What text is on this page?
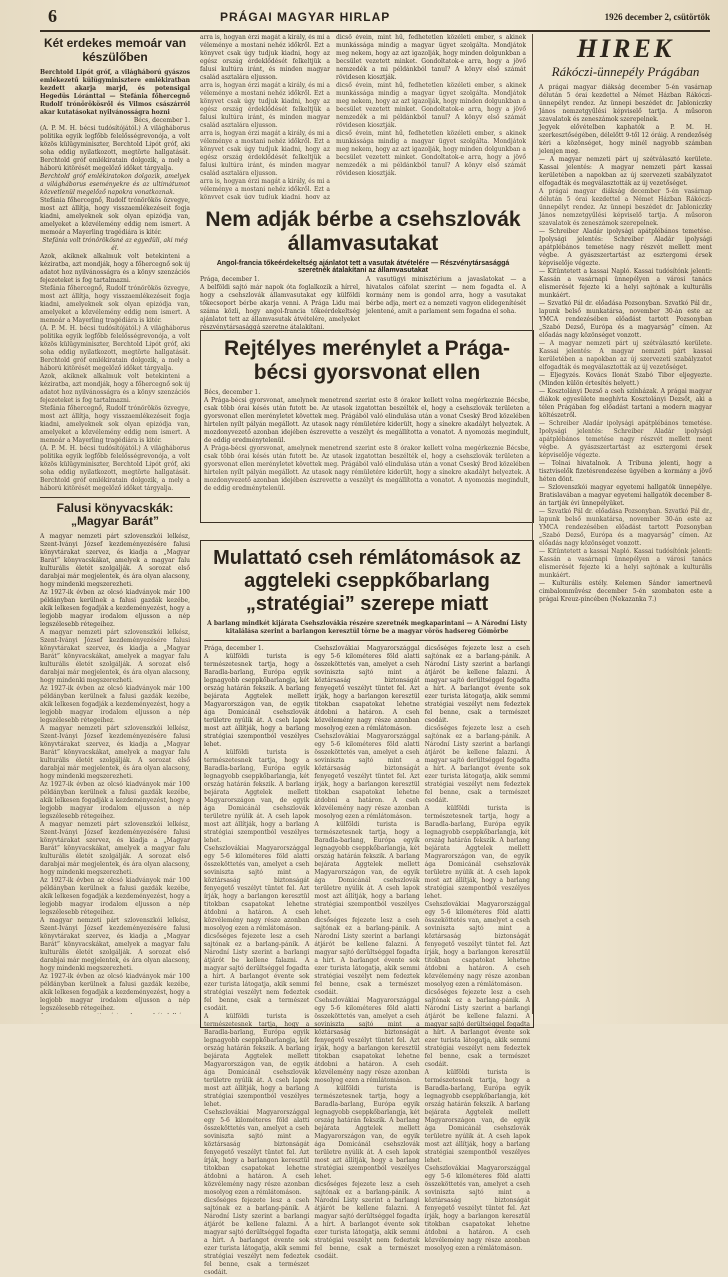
6	PRÁGAI MAGYAR HIRLAP	1926 december 2, csütörtök
Két erdekes memoár van készülőben

Berchtold Lipót gróf, a világháború gyászos emlékezetű külügyminisztere emlékiratban kezdett akarja marjd, és potensigal Hegedüs Lóránttal — Stefánia főhercegnő Rudolf trónörökösről és Vilmos császárról akar kutatásokat nyilvánosságra hozni

Bécs, december 1.

(A. P. M. H. bécsi tudósítójától.) A világháborus politika egyik legfőbb felelősségrevonója, a volt közös külügyminiszter, Berchtold Lipót gróf, aki soha eddig nyilatkozott, megtörte hallgatását. Berchtold gróf emlékiratain dolgozik, a mely a háború kitörését megelőző időket tárgyalja.

Berchtold gróf emlékiratokon dolgozik, amelyek a világháborus eseményekre és az ultimátumot közvetlenül megelőző napokra vonatkoznak.

Stefánia főhercegnő, Rudolf trónörökös özvegye, most azt állítja, hogy visszaemlékezéseit fogja kiadni, amelyeknek sok olyan epizódja van, amelyeket a közvélemény eddig nem ismert. A memoár a Mayerling tragédiára is kitér.

Stefánia volt trónörökösné az egyedüli, aki még él.

Azok, akiknek alkalmuk volt betekinteni a kéziratba, azt mondják, hogy a főhercegnő sok új adatot hoz nyilvánosságra és a könyv szenzációs fejezeteket is fog tartalmazni.

Stefánia főhercegnő, Rudolf trónörökös özvegye, most azt állítja, hogy visszaemlékezéseit fogja kiadni, amelyeknek sok olyan epizódja van, amelyeket a közvélemény eddig nem ismert. A memoár a Mayerling tragédiára is kitér.

(A. P. M. H. bécsi tudósítójától.) A világháborus politika egyik legfőbb felelősségrevonója, a volt közös külügyminiszter, Berchtold Lipót gróf, aki soha eddig nyilatkozott, megtörte hallgatását. Berchtold gróf emlékiratain dolgozik, a mely a háború kitörését megelőző időket tárgyalja.

Azok, akiknek alkalmuk volt betekinteni a kéziratba, azt mondják, hogy a főhercegnő sok új adatot hoz nyilvánosságra és a könyv szenzációs fejezeteket is fog tartalmazni.

Stefánia főhercegnő, Rudolf trónörökös özvegye, most azt állítja, hogy visszaemlékezéseit fogja kiadni, amelyeknek sok olyan epizódja van, amelyeket a közvélemény eddig nem ismert. A memoár a Mayerling tragédiára is kitér.

(A. P. M. H. bécsi tudósítójától.) A világháborus politika egyik legfőbb felelősségrevonója, a volt közös külügyminiszter, Berchtold Lipót gróf, aki soha eddig nyilatkozott, megtörte hallgatását. Berchtold gróf emlékiratain dolgozik, a mely a háború kitörését megelőző időket tárgyalja.

Falusi könyvacskák: „Magyar Barát”

A magyar nemzeti párt szlovenszkói lelkész, Szent-Iványi József kezdeményezésére falusi könyvtárakat szervez, és kiadja a „Magyar Barát” könyvacskákat, amelyek a magyar falu kulturális életét szolgálják. A sorozat első darabjai már megjelentek, és ára olyan alacsony, hogy mindenki megszerezheti.

Az 1927-ik évben az olcsó kiadványok már 100 példányban kerülnek a falusi gazdák kezébe, akik lelkesen fogadják a kezdeményezést, hogy a legjobb magyar irodalom eljusson a nép legszélesebb rétegeihez.

A magyar nemzeti párt szlovenszkói lelkész, Szent-Iványi József kezdeményezésére falusi könyvtárakat szervez, és kiadja a „Magyar Barát” könyvacskákat, amelyek a magyar falu kulturális életét szolgálják. A sorozat első darabjai már megjelentek, és ára olyan alacsony, hogy mindenki megszerezheti.

Az 1927-ik évben az olcsó kiadványok már 100 példányban kerülnek a falusi gazdák kezébe, akik lelkesen fogadják a kezdeményezést, hogy a legjobb magyar irodalom eljusson a nép legszélesebb rétegeihez.

A magyar nemzeti párt szlovenszkói lelkész, Szent-Iványi József kezdeményezésére falusi könyvtárakat szervez, és kiadja a „Magyar Barát” könyvacskákat, amelyek a magyar falu kulturális életét szolgálják. A sorozat első darabjai már megjelentek, és ára olyan alacsony, hogy mindenki megszerezheti.

Az 1927-ik évben az olcsó kiadványok már 100 példányban kerülnek a falusi gazdák kezébe, akik lelkesen fogadják a kezdeményezést, hogy a legjobb magyar irodalom eljusson a nép legszélesebb rétegeihez.

A magyar nemzeti párt szlovenszkói lelkész, Szent-Iványi József kezdeményezésére falusi könyvtárakat szervez, és kiadja a „Magyar Barát” könyvacskákat, amelyek a magyar falu kulturális életét szolgálják. A sorozat első darabjai már megjelentek, és ára olyan alacsony, hogy mindenki megszerezheti.

Az 1927-ik évben az olcsó kiadványok már 100 példányban kerülnek a falusi gazdák kezébe, akik lelkesen fogadják a kezdeményezést, hogy a legjobb magyar irodalom eljusson a nép legszélesebb rétegeihez.

A magyar nemzeti párt szlovenszkói lelkész, Szent-Iványi József kezdeményezésére falusi könyvtárakat szervez, és kiadja a „Magyar Barát” könyvacskákat, amelyek a magyar falu kulturális életét szolgálják. A sorozat első darabjai már megjelentek, és ára olyan alacsony, hogy mindenki megszerezheti.

Az 1927-ik évben az olcsó kiadványok már 100 példányban kerülnek a falusi gazdák kezébe, akik lelkesen fogadják a kezdeményezést, hogy a legjobb magyar irodalom eljusson a nép legszélesebb rétegeihez.

arra is, hogyan érzi magát a király, és mi a véleménye a mostani nehéz időkről. Ezt a könyvet csak úgy tudjuk kiadni, hogy az egész ország érdeklődését felkeltjük a falusi kultúra iránt, és minden magyar család asztalára eljusson.

arra is, hogyan érzi magát a király, és mi a véleménye a mostani nehéz időkről. Ezt a könyvet csak úgy tudjuk kiadni, hogy az egész ország érdeklődését felkeltjük a falusi kultúra iránt, és minden magyar család asztalára eljusson.

arra is, hogyan érzi magát a király, és mi a véleménye a mostani nehéz időkről. Ezt a könyvet csak úgy tudjuk kiadni, hogy az egész ország érdeklődését felkeltjük a falusi kultúra iránt, és minden magyar család asztalára eljusson.

arra is, hogyan érzi magát a király, és mi a véleménye a mostani nehéz időkről. Ezt a könyvet csak úgy tudjuk kiadni, hogy az

dicső évein, mint hű, fedhetetlen közéleti ember, s akinek munkássága mindig a magyar ügyet szolgálta. Mondjátok meg nekem, hogy az azt igazolják, hogy minden dolgunkban a becsület vezetett minket. Gondoltatok-e arra, hogy a jövő nemzedék a mi példánkból tanul? A könyv első számát rövidesen kiosztják.

dicső évein, mint hű, fedhetetlen közéleti ember, s akinek munkássága mindig a magyar ügyet szolgálta. Mondjátok meg nekem, hogy az azt igazolják, hogy minden dolgunkban a becsület vezetett minket. Gondoltatok-e arra, hogy a jövő nemzedék a mi példánkból tanul? A könyv első számát rövidesen kiosztják.

dicső évein, mint hű, fedhetetlen közéleti ember, s akinek munkássága mindig a magyar ügyet szolgálta. Mondjátok meg nekem, hogy az azt igazolják, hogy minden dolgunkban a becsület vezetett minket. Gondoltatok-e arra, hogy a jövő nemzedék a mi példánkból tanul? A könyv első számát rövidesen kiosztják.

Nem adják bérbe a csehszlovák államvasutakat
Angol-francia tőkeérdekeltség ajánlatot tett a vasutak átvételére — Részvénytársasággá szeretnék átalakítani az államvasutakat

Prága, december 1.

A belföldi sajtó már napok óta foglalkozik a hírrel, hogy a csehszlovák államvasutakat egy külföldi tőkecsoport bérbe akarja venni. A Prága Lidu mai száma közli, hogy angol-francia tőkeérdekeltség ajánlatot tett az államvasutak átvételére, amelyeket részvénytársasággá szeretne átalakítani.

A vasutügyi minisztérium a javaslatokat — a hivatalos cáfolat szerint — nem fogadta el. A kormány nem is gondol arra, hogy a vasutakat bérbe adja, mert ez a nemzeti vagyon elidegenítését jelentené, amit a parlament sem fogadna el soha.

Rejtélyes merénylet a Prága-bécsi gyorsvonat ellen

Bécs, december 1.

A Prága-bécsi gyorsvonat, amelynek menetrend szerint este 8 órakor kellett volna megérkeznie Bécsbe, csak több órai késés után futott be. Az utasok izgatottan beszélték el, hogy a csehszlovák területen a gyorsvonat ellen merényletet követtek meg. Prágából való elindulása után a vonat Cseský Brod közelében hirtelen nyílt pályán megállott. Az utasok nagy rémületére kiderült, hogy a sínekre akadályt helyeztek. A mozdonyvezető azonban idejében észrevette a veszélyt és megállította a vonatot. A nyomozás megindult, de eddig eredménytelenül.

A Prága-bécsi gyorsvonat, amelynek menetrend szerint este 8 órakor kellett volna megérkeznie Bécsbe, csak több órai késés után futott be. Az utasok izgatottan beszélték el, hogy a csehszlovák területen a gyorsvonat ellen merényletet követtek meg. Prágából való elindulása után a vonat Cseský Brod közelében hirtelen nyílt pályán megállott. Az utasok nagy rémületére kiderült, hogy a sínekre akadályt helyeztek. A mozdonyvezető azonban idejében észrevette a veszélyt és megállította a vonatot. A nyomozás megindult, de eddig eredménytelenül.

Mulattató cseh rémlátomások az aggteleki cseppkőbarlang „stratégiai” szerepe miatt

A barlang mindkét kijárata Csehszlovákia részére szeretnék megkaparintani — A Národní Listy kitalálása szerint a barlangon keresztül törne be a magyar vörös hadsereg Gömörbe

Prága, december 1.

A külföldi turista is természetesnek tartja, hogy a Baradla-barlang, Európa egyik legnagyobb cseppkőbarlangja, két ország határán fekszik. A barlang bejárata Aggtelek mellett Magyarországon van, de egyik ága Domicánál csehszlovák területre nyúlik át. A cseh lapok most azt állítják, hogy a barlang stratégiai szempontból veszélyes lehet.

A külföldi turista is természetesnek tartja, hogy a Baradla-barlang, Európa egyik legnagyobb cseppkőbarlangja, két ország határán fekszik. A barlang bejárata Aggtelek mellett Magyarországon van, de egyik ága Domicánál csehszlovák területre nyúlik át. A cseh lapok most azt állítják, hogy a barlang stratégiai szempontból veszélyes lehet.

Csehszlovákiai Magyarországgal egy 5-6 kilométeres föld alatti összeköttetés van, amelyet a cseh soviniszta sajtó mint a köztársaság biztonságát fenyegető veszélyt tüntet fel. Azt írják, hogy a barlangon keresztül titokban csapatokat lehetne átdobni a határon. A cseh közvélemény nagy része azonban mosolyog ezen a rémlátomáson.

dicsőséges fejezete lesz a cseh sajtónak ez a barlang-pánik. A Národní Listy szerint a barlangi átjárót be kellene falazni. A magyar sajtó derültséggel fogadta a hírt. A barlangot évente sok ezer turista látogatja, akik semmi stratégiai veszélyt nem fedeztek fel benne, csak a természet csodáit.

A külföldi turista is természetesnek tartja, hogy a Baradla-barlang, Európa egyik legnagyobb cseppkőbarlangja, két ország határán fekszik. A barlang bejárata Aggtelek mellett Magyarországon van, de egyik ága Domicánál csehszlovák területre nyúlik át. A cseh lapok most azt állítják, hogy a barlang stratégiai szempontból veszélyes lehet.

Csehszlovákiai Magyarországgal egy 5-6 kilométeres föld alatti összeköttetés van, amelyet a cseh soviniszta sajtó mint a köztársaság biztonságát fenyegető veszélyt tüntet fel. Azt írják, hogy a barlangon keresztül titokban csapatokat lehetne átdobni a határon. A cseh közvélemény nagy része azonban mosolyog ezen a rémlátomáson.

dicsőséges fejezete lesz a cseh sajtónak ez a barlang-pánik. A Národní Listy szerint a barlangi átjárót be kellene falazni. A magyar sajtó derültséggel fogadta a hírt. A barlangot évente sok ezer turista látogatja, akik semmi stratégiai veszélyt nem fedeztek fel benne, csak a természet csodáit.

Csehszlovákiai Magyarországgal egy 5-6 kilométeres föld alatti összeköttetés van, amelyet a cseh soviniszta sajtó mint a köztársaság biztonságát fenyegető veszélyt tüntet fel. Azt írják, hogy a barlangon keresztül titokban csapatokat lehetne átdobni a határon. A cseh közvélemény nagy része azonban mosolyog ezen a rémlátomáson.

Csehszlovákiai Magyarországgal egy 5-6 kilométeres föld alatti összeköttetés van, amelyet a cseh soviniszta sajtó mint a köztársaság biztonságát fenyegető veszélyt tüntet fel. Azt írják, hogy a barlangon keresztül titokban csapatokat lehetne átdobni a határon. A cseh közvélemény nagy része azonban mosolyog ezen a rémlátomáson.

A külföldi turista is természetesnek tartja, hogy a Baradla-barlang, Európa egyik legnagyobb cseppkőbarlangja, két ország határán fekszik. A barlang bejárata Aggtelek mellett Magyarországon van, de egyik ága Domicánál csehszlovák területre nyúlik át. A cseh lapok most azt állítják, hogy a barlang stratégiai szempontból veszélyes lehet.

dicsőséges fejezete lesz a cseh sajtónak ez a barlang-pánik. A Národní Listy szerint a barlangi átjárót be kellene falazni. A magyar sajtó derültséggel fogadta a hírt. A barlangot évente sok ezer turista látogatja, akik semmi stratégiai veszélyt nem fedeztek fel benne, csak a természet csodáit.

Csehszlovákiai Magyarországgal egy 5-6 kilométeres föld alatti összeköttetés van, amelyet a cseh soviniszta sajtó mint a köztársaság biztonságát fenyegető veszélyt tüntet fel. Azt írják, hogy a barlangon keresztül titokban csapatokat lehetne átdobni a határon. A cseh közvélemény nagy része azonban mosolyog ezen a rémlátomáson.

A külföldi turista is természetesnek tartja, hogy a Baradla-barlang, Európa egyik legnagyobb cseppkőbarlangja, két ország határán fekszik. A barlang bejárata Aggtelek mellett Magyarországon van, de egyik ága Domicánál csehszlovák területre nyúlik át. A cseh lapok most azt állítják, hogy a barlang stratégiai szempontból veszélyes lehet.

dicsőséges fejezete lesz a cseh sajtónak ez a barlang-pánik. A Národní Listy szerint a barlangi átjárót be kellene falazni. A magyar sajtó derültséggel fogadta a hírt. A barlangot évente sok ezer turista látogatja, akik semmi stratégiai veszélyt nem fedeztek fel benne, csak a természet csodáit.

dicsőséges fejezete lesz a cseh sajtónak ez a barlang-pánik. A Národní Listy szerint a barlangi átjárót be kellene falazni. A magyar sajtó derültséggel fogadta a hírt. A barlangot évente sok ezer turista látogatja, akik semmi stratégiai veszélyt nem fedeztek fel benne, csak a természet csodáit.

dicsőséges fejezete lesz a cseh sajtónak ez a barlang-pánik. A Národní Listy szerint a barlangi átjárót be kellene falazni. A magyar sajtó derültséggel fogadta a hírt. A barlangot évente sok ezer turista látogatja, akik semmi stratégiai veszélyt nem fedeztek fel benne, csak a természet csodáit.

A külföldi turista is természetesnek tartja, hogy a Baradla-barlang, Európa egyik legnagyobb cseppkőbarlangja, két ország határán fekszik. A barlang bejárata Aggtelek mellett Magyarországon van, de egyik ága Domicánál csehszlovák területre nyúlik át. A cseh lapok most azt állítják, hogy a barlang stratégiai szempontból veszélyes lehet.

Csehszlovákiai Magyarországgal egy 5-6 kilométeres föld alatti összeköttetés van, amelyet a cseh soviniszta sajtó mint a köztársaság biztonságát fenyegető veszélyt tüntet fel. Azt írják, hogy a barlangon keresztül titokban csapatokat lehetne átdobni a határon. A cseh közvélemény nagy része azonban mosolyog ezen a rémlátomáson.

dicsőséges fejezete lesz a cseh sajtónak ez a barlang-pánik. A Národní Listy szerint a barlangi átjárót be kellene falazni. A magyar sajtó derültséggel fogadta a hírt. A barlangot évente sok ezer turista látogatja, akik semmi stratégiai veszélyt nem fedeztek fel benne, csak a természet csodáit.

A külföldi turista is természetesnek tartja, hogy a Baradla-barlang, Európa egyik legnagyobb cseppkőbarlangja, két ország határán fekszik. A barlang bejárata Aggtelek mellett Magyarországon van, de egyik ága Domicánál csehszlovák területre nyúlik át. A cseh lapok most azt állítják, hogy a barlang stratégiai szempontból veszélyes lehet.

Csehszlovákiai Magyarországgal egy 5-6 kilométeres föld alatti összeköttetés van, amelyet a cseh soviniszta sajtó mint a köztársaság biztonságát fenyegető veszélyt tüntet fel. Azt írják, hogy a barlangon keresztül titokban csapatokat lehetne átdobni a határon. A cseh közvélemény nagy része azonban mosolyog ezen a rémlátomáson.

HIREK
Rákóczi-ünnepély Prágában

A prágai magyar diákság december 5-én vasárnap délután 5 órai kezdettel a Német Házban Rákóczi-ünnepélyt rendez. Az ünnepi beszédet dr. Jabloniczky János nemzetgyűlési képviselő tartja. A műsoron szavalatok és zeneszámok szerepelnek.

Jegyek elővételben kaphatók a P. M. H. szerkesztőségében, délelőtt 9-től 12 óráig. A rendezőség kéri a közönséget, hogy minél nagyobb számban jelenjen meg.

— A magyar nemzeti párt uj szétválasztó kerülete. Kassai jelentés: A magyar nemzeti párt kassai kerületében a napokban az új szervezeti szabályzatot elfogadták és megválasztották az új vezetőséget.

A prágai magyar diákság december 5-én vasárnap délután 5 órai kezdettel a Német Házban Rákóczi-ünnepélyt rendez. Az ünnepi beszédet dr. Jabloniczky János nemzetgyűlési képviselő tartja. A műsoron szavalatok és zeneszámok szerepelnek.

— Schreiber Aladár ipolysági apátplébános temetése. Ipolysági jelentés: Schreiber Aladár ipolysági apátplébános temetése nagy részvét mellett ment végbe. A gyászszertartást az esztergomi érsek képviselője végezte.

— Kitüntetett a kassai Napló. Kassai tudósítónk jelenti: Kassán a vasárnapi ünnepélyen a városi tanács elismerését fejezte ki a helyi sajtónak a kulturális munkáért.

— Szvatkó Pál dr. előadása Pozsonyban. Szvatkó Pál dr., lapunk belső munkatársa, november 30-án este az YMCA rendezésében előadást tartott Pozsonyban „Szabó Dezső, Európa és a magyarság” címen. Az előadás nagy közönséget vonzott.

— A magyar nemzeti párt uj szétválasztó kerülete. Kassai jelentés: A magyar nemzeti párt kassai kerületében a napokban az új szervezeti szabályzatot elfogadták és megválasztották az új vezetőséget.

— Eljegyzés. Kovács Ilonát Szabó Tibor eljegyezte. (Minden külön értesítés helyett.)

— Kosztolányi Dezső a cseh színházak. A prágai magyar diákok egyesülete meghívta Kosztolányi Dezsőt, aki a télen Prágában fog előadást tartani a modern magyar költészetről.

— Schreiber Aladár ipolysági apátplébános temetése. Ipolysági jelentés: Schreiber Aladár ipolysági apátplébános temetése nagy részvét mellett ment végbe. A gyászszertartást az esztergomi érsek képviselője végezte.

— Tolnai hivatalnok. A Tribuna jelenti, hogy a tisztviselők fizetésrendezése ügyében a kormány a jövő héten dönt.

— Szlovenszkói magyar egyetemi hallgatók ünnepélye. Bratislavában a magyar egyetemi hallgatók december 8-án tartják évi ünnepélyüket.

— Szvatkó Pál dr. előadása Pozsonyban. Szvatkó Pál dr., lapunk belső munkatársa, november 30-án este az YMCA rendezésében előadást tartott Pozsonyban „Szabó Dezső, Európa és a magyarság” címen. Az előadás nagy közönséget vonzott.

— Kitüntetett a kassai Napló. Kassai tudósítónk jelenti: Kassán a vasárnapi ünnepélyen a városi tanács elismerését fejezte ki a helyi sajtónak a kulturális munkáért.

— Kulturális estély. Kelemen Sándor iamertnevű cimbalomművész december 5-én szombaton este a prágai Kreuz-pincében (Nekazanka 7.)
